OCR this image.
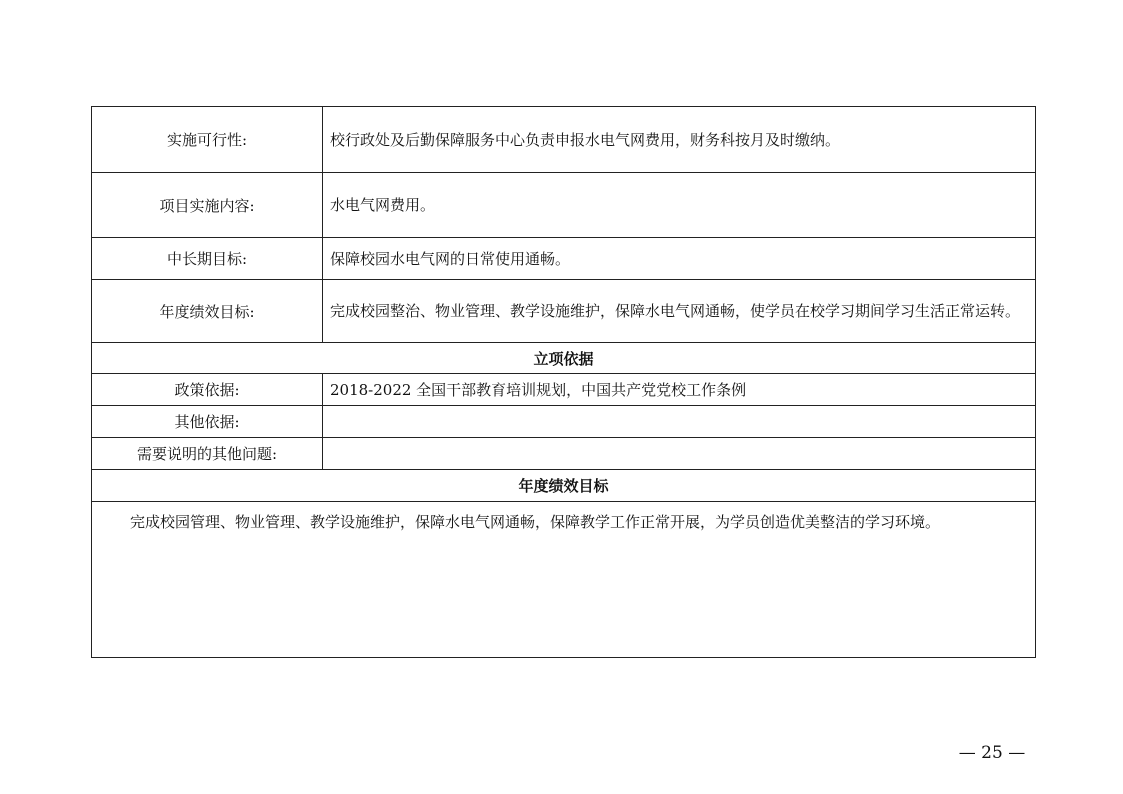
实施可行性:	校行政处及后勤保障服务中心负责申报水电气网费用，财务科按月及时缴纳。
项目实施内容:	水电气网费用。
中长期目标:	保障校园水电气网的日常使用通畅。
年度绩效目标:	完成校园整治、物业管理、教学设施维护，保障水电气网通畅，使学员在校学习期间学习生活正常运转。
立项依据	
政策依据:	2018-2022 全国干部教育培训规划，中国共产党党校工作条例
其他依据:	
需要说明的其他问题:	
年度绩效目标	
完成校园管理、物业管理、教学设施维护，保障水电气网通畅，保障教学工作正常开展，为学员创造优美整洁的学习环境。	
— 25 —
